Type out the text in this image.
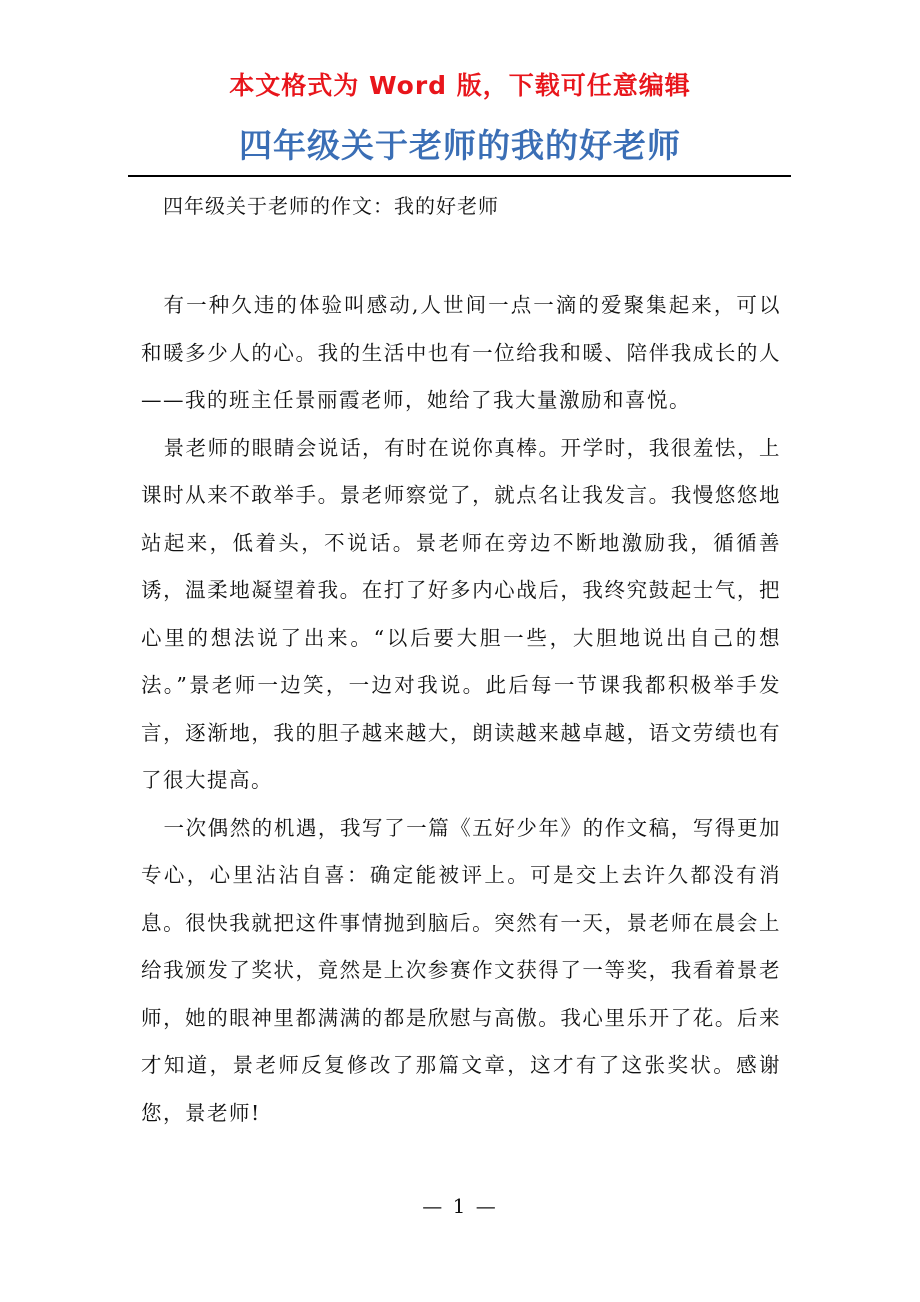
本文格式为 Word 版，下载可任意编辑
四年级关于老师的我的好老师
四年级关于老师的作文：我的好老师

有一种久违的体验叫感动,人世间一点一滴的爱聚集起来，可以和暖多少人的心。我的生活中也有一位给我和暖、陪伴我成长的人——我的班主任景丽霞老师，她给了我大量激励和喜悦。

景老师的眼睛会说话，有时在说你真棒。开学时，我很羞怯，上课时从来不敢举手。景老师察觉了，就点名让我发言。我慢悠悠地站起来，低着头，不说话。景老师在旁边不断地激励我，循循善诱，温柔地凝望着我。在打了好多内心战后，我终究鼓起士气，把心里的想法说了出来。“以后要大胆一些，大胆地说出自己的想法。”景老师一边笑，一边对我说。此后每一节课我都积极举手发言，逐渐地，我的胆子越来越大，朗读越来越卓越，语文劳绩也有了很大提高。

一次偶然的机遇，我写了一篇《五好少年》的作文稿，写得更加专心，心里沾沾自喜：确定能被评上。可是交上去许久都没有消息。很快我就把这件事情抛到脑后。突然有一天，景老师在晨会上给我颁发了奖状，竟然是上次参赛作文获得了一等奖，我看着景老师，她的眼神里都满满的都是欣慰与高傲。我心里乐开了花。后来才知道，景老师反复修改了那篇文章，这才有了这张奖状。感谢您，景老师!

— 1 —
